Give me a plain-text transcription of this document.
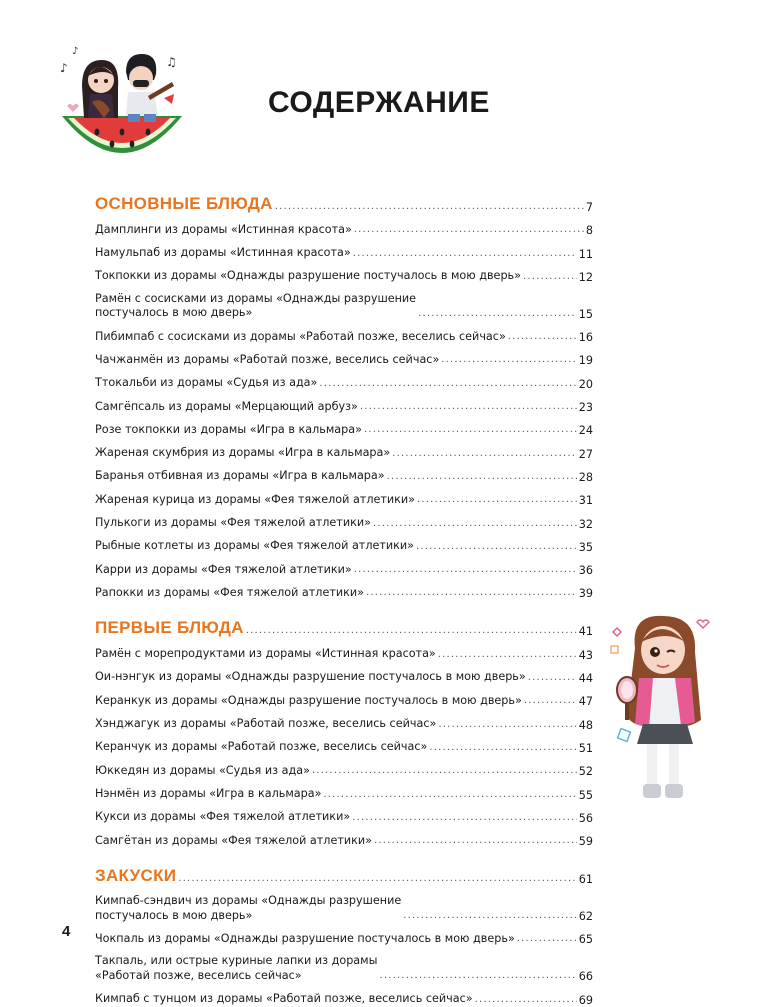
♪	♫
♪
СОДЕРЖАНИЕ
ОСНОВНЫЕ БЛЮДА .....	7
Дамплинги из дорамы «Истинная красота» .....	8
Намульпаб из дорамы «Истинная красота» .....	11
Токпокки из дорамы «Однажды разрушение постучалось в мою дверь» .....	12
Рамён с сосисками из дорамы «Однажды разрушение
постучалось в мою дверь» .....	15
Пибимпаб с сосисками из дорамы «Работай позже, веселись сейчас» .....	16
Чачжанмён из дорамы «Работай позже, веселись сейчас» .....	19
Ттокальби из дорамы «Судья из ада» .....	20
Самгёпсаль из дорамы «Мерцающий арбуз» .....	23
Розе токпокки из дорамы «Игра в кальмара» .....	24
Жареная скумбрия из дорамы «Игра в кальмара» .....	27
Баранья отбивная из дорамы «Игра в кальмара» .....	28
Жареная курица из дорамы «Фея тяжелой атлетики» .....	31
Пулькоги из дорамы «Фея тяжелой атлетики» .....	32
Рыбные котлеты из дорамы «Фея тяжелой атлетики» .....	35
Карри из дорамы «Фея тяжелой атлетики» .....	36
Рапокки из дорамы «Фея тяжелой атлетики» .....	39
ПЕРВЫЕ БЛЮДА .....	41
Рамён с морепродуктами из дорамы «Истинная красота» .....	43
Ои-нэнгук из дорамы «Однажды разрушение постучалось в мою дверь» .....	44
Керанкук из дорамы «Однажды разрушение постучалось в мою дверь» .....	47
Хэнджагук из дорамы «Работай позже, веселись сейчас» .....	48
Керанчук из дорамы «Работай позже, веселись сейчас» .....	51
Юккедян из дорамы «Судья из ада» .....	52
Нэнмён из дорамы «Игра в кальмара» .....	55
Кукси из дорамы «Фея тяжелой атлетики» .....	56
Самгётан из дорамы «Фея тяжелой атлетики» .....	59
ЗАКУСКИ .....	61
Кимпаб-сэндвич из дорамы «Однажды разрушение
постучалось в мою дверь» .....	62
Чокпаль из дорамы «Однажды разрушение постучалось в мою дверь» .....	65
Такпаль, или острые куриные лапки из дорамы
«Работай позже, веселись сейчас» .....	66
Кимпаб с тунцом из дорамы «Работай позже, веселись сейчас» .....	69
4
